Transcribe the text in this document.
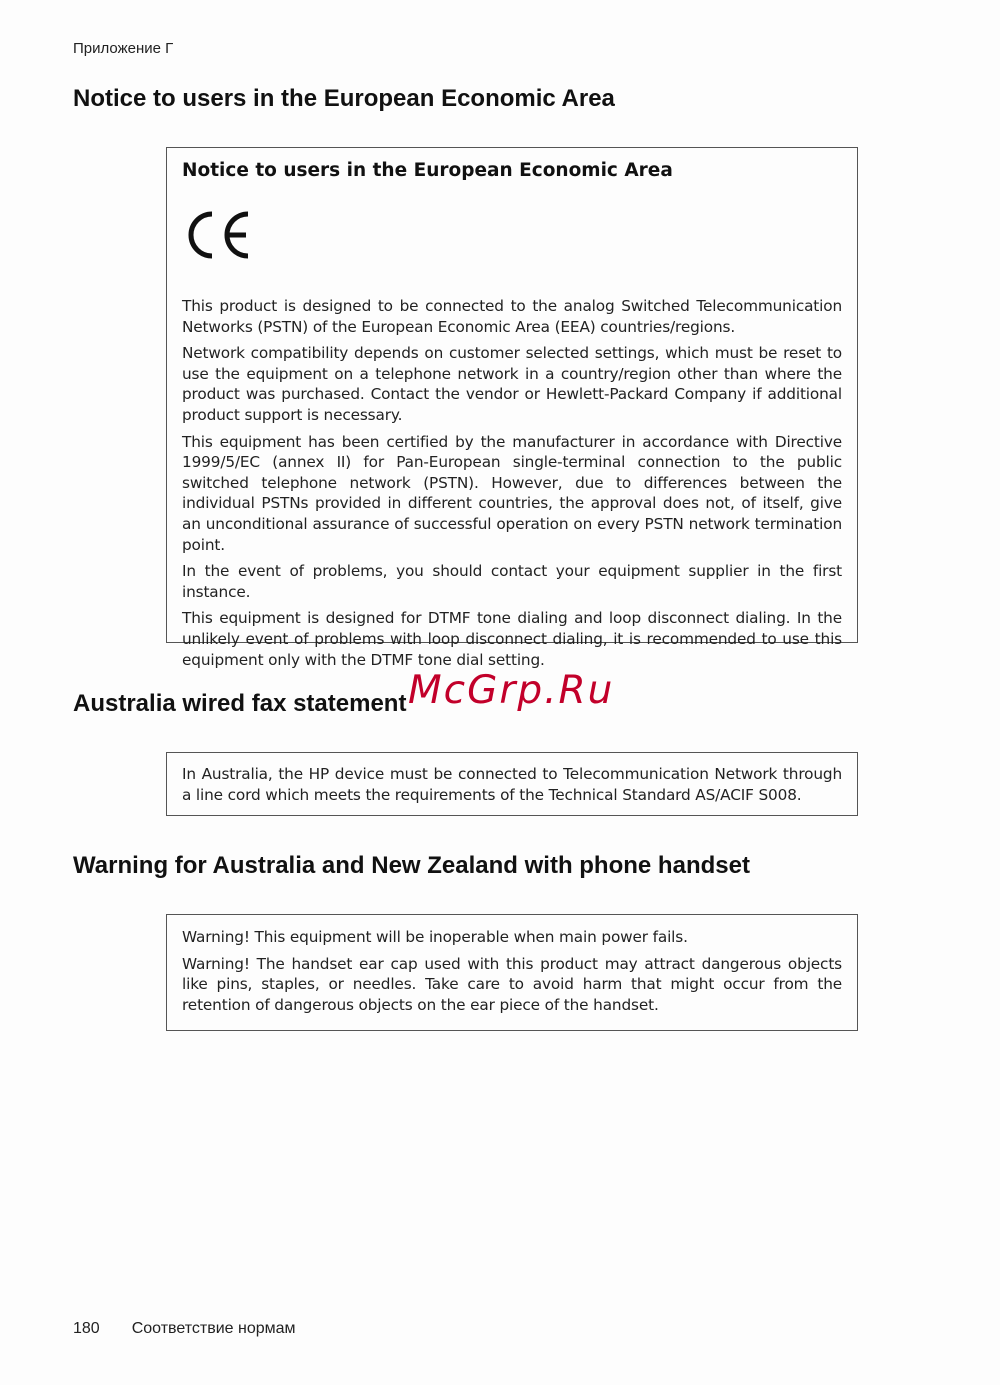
Приложение Г
Notice to users in the European Economic Area
Notice to users in the European Economic Area

This product is designed to be connected to the analog Switched Telecommunication Networks (PSTN) of the European Economic Area (EEA) countries/regions.

Network compatibility depends on customer selected settings, which must be reset to use the equipment on a telephone network in a country/region other than where the product was purchased. Contact the vendor or Hewlett-Packard Company if additional product support is necessary.

This equipment has been certified by the manufacturer in accordance with Directive 1999/5/EC (annex II) for Pan-European single-terminal connection to the public switched telephone network (PSTN). However, due to differences between the individual PSTNs provided in different countries, the approval does not, of itself, give an unconditional assurance of successful operation on every PSTN network termination point.

In the event of problems, you should contact your equipment supplier in the first instance.

This equipment is designed for DTMF tone dialing and loop disconnect dialing. In the unlikely event of problems with loop disconnect dialing, it is recommended to use this equipment only with the DTMF tone dial setting.

Australia wired fax statement McGrp.Ru

In Australia, the HP device must be connected to Telecommunication Network through a line cord which meets the requirements of the Technical Standard AS/ACIF S008.

Warning for Australia and New Zealand with phone handset

Warning! This equipment will be inoperable when main power fails.

Warning! The handset ear cap used with this product may attract dangerous objects like pins, staples, or needles. Take care to avoid harm that might occur from the retention of dangerous objects on the ear piece of the handset.

180 Соответствие нормам
